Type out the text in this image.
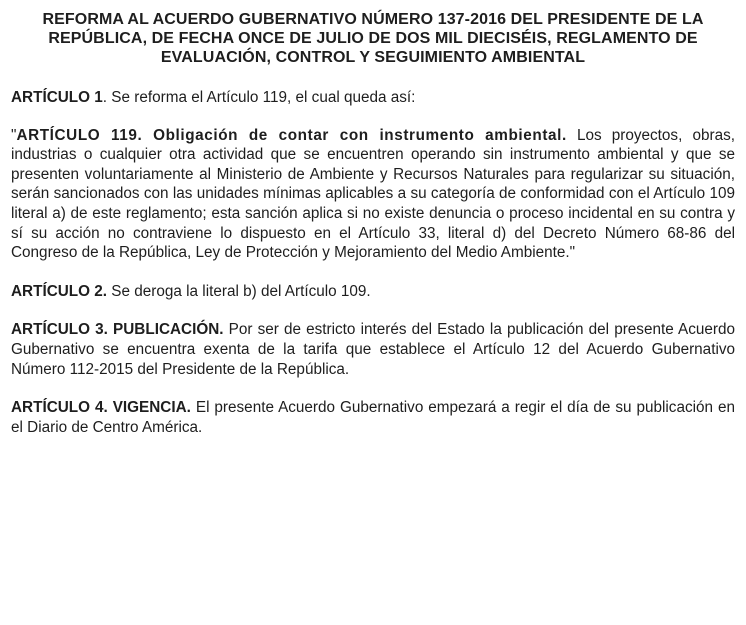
REFORMA AL ACUERDO GUBERNATIVO NÚMERO 137-2016 DEL PRESIDENTE DE LA REPÚBLICA, DE FECHA ONCE DE JULIO DE DOS MIL DIECISÉIS, REGLAMENTO DE EVALUACIÓN, CONTROL Y SEGUIMIENTO AMBIENTAL

ARTÍCULO 1. Se reforma el Artículo 119, el cual queda así:

"ARTÍCULO 119. Obligación de contar con instrumento ambiental. Los proyectos, obras, industrias o cualquier otra actividad que se encuentren operando sin instrumento ambiental y que se presenten voluntariamente al Ministerio de Ambiente y Recursos Naturales para regularizar su situación, serán sancionados con las unidades mínimas aplicables a su categoría de conformidad con el Artículo 109 literal a) de este reglamento; esta sanción aplica si no existe denuncia o proceso incidental en su contra y sí su acción no contraviene lo dispuesto en el Artículo 33, literal d) del Decreto Número 68-86 del Congreso de la República, Ley de Protección y Mejoramiento del Medio Ambiente."

ARTÍCULO 2. Se deroga la literal b) del Artículo 109.

ARTÍCULO 3. PUBLICACIÓN. Por ser de estricto interés del Estado la publicación del presente Acuerdo Gubernativo se encuentra exenta de la tarifa que establece el Artículo 12 del Acuerdo Gubernativo Número 112-2015 del Presidente de la República.

ARTÍCULO 4. VIGENCIA. El presente Acuerdo Gubernativo empezará a regir el día de su publicación en el Diario de Centro América.
